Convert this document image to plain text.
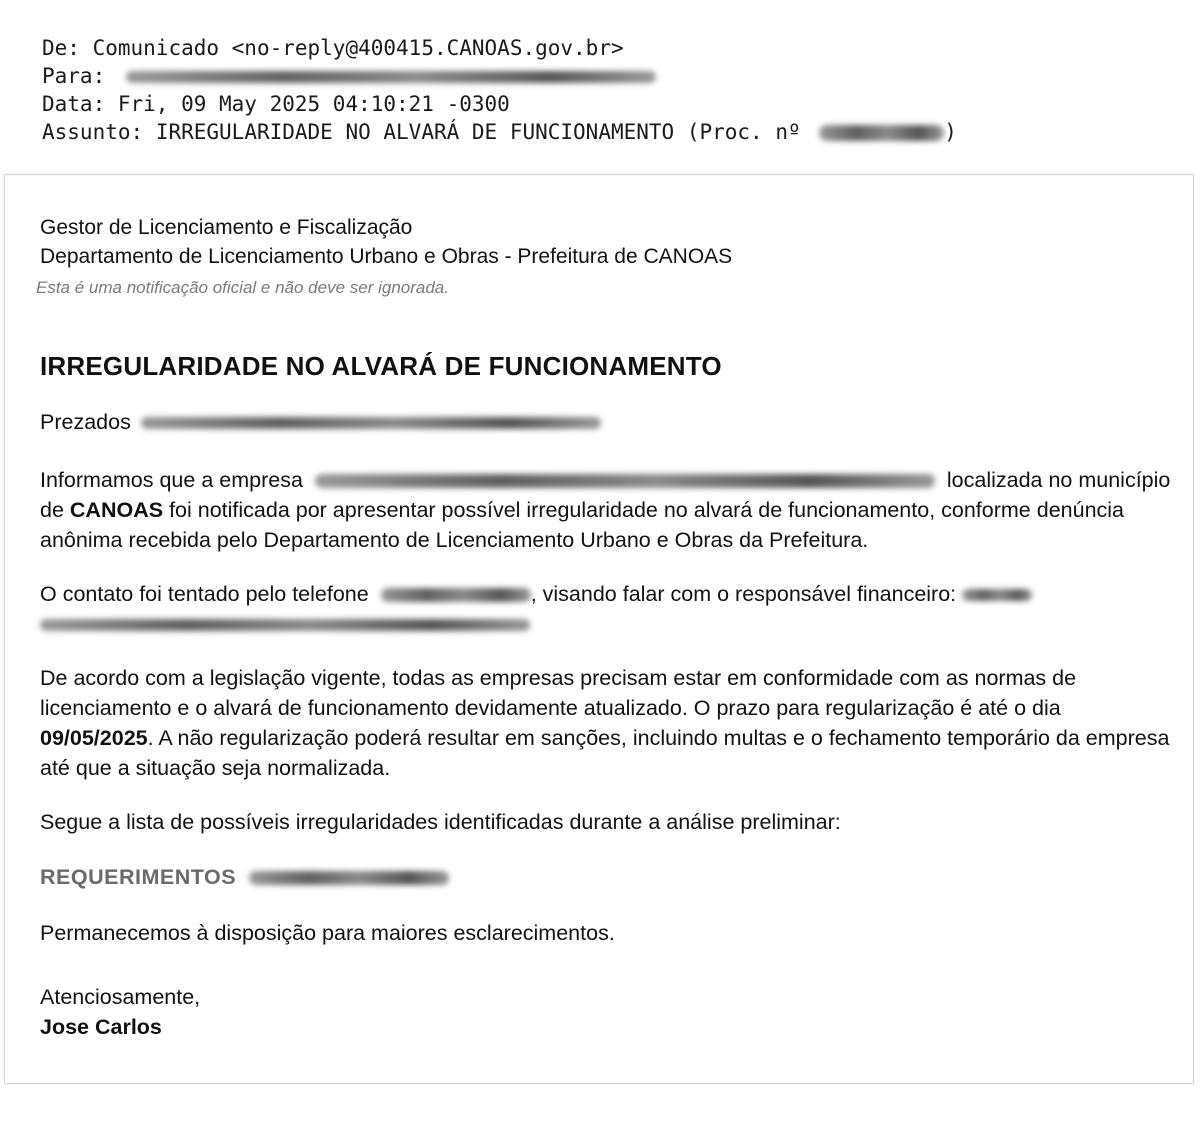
De: Comunicado <no-reply@400415.CANOAS.gov.br>
Para:
Data: Fri, 09 May 2025 04:10:21 -0300
Assunto: IRREGULARIDADE NO ALVARÁ DE FUNCIONAMENTO (Proc. nº	)

Gestor de Licenciamento e Fiscalização

Departamento de Licenciamento Urbano e Obras - Prefeitura de CANOAS

Esta é uma notificação oficial e não deve ser ignorada.

IRREGULARIDADE NO ALVARÁ DE FUNCIONAMENTO

Prezados

Informamos que a empresa	localizada no município de CANOAS foi notificada por apresentar possível irregularidade no alvará de funcionamento, conforme denúncia anônima recebida pelo Departamento de Licenciamento Urbano e Obras da Prefeitura.

O contato foi tentado pelo telefone	, visando falar com o responsável financeiro:

De acordo com a legislação vigente, todas as empresas precisam estar em conformidade com as normas de licenciamento e o alvará de funcionamento devidamente atualizado. O prazo para regularização é até o dia 09/05/2025. A não regularização poderá resultar em sanções, incluindo multas e o fechamento temporário da empresa até que a situação seja normalizada.

Segue a lista de possíveis irregularidades identificadas durante a análise preliminar:

REQUERIMENTOS

Permanecemos à disposição para maiores esclarecimentos.

Atenciosamente,
Jose Carlos
